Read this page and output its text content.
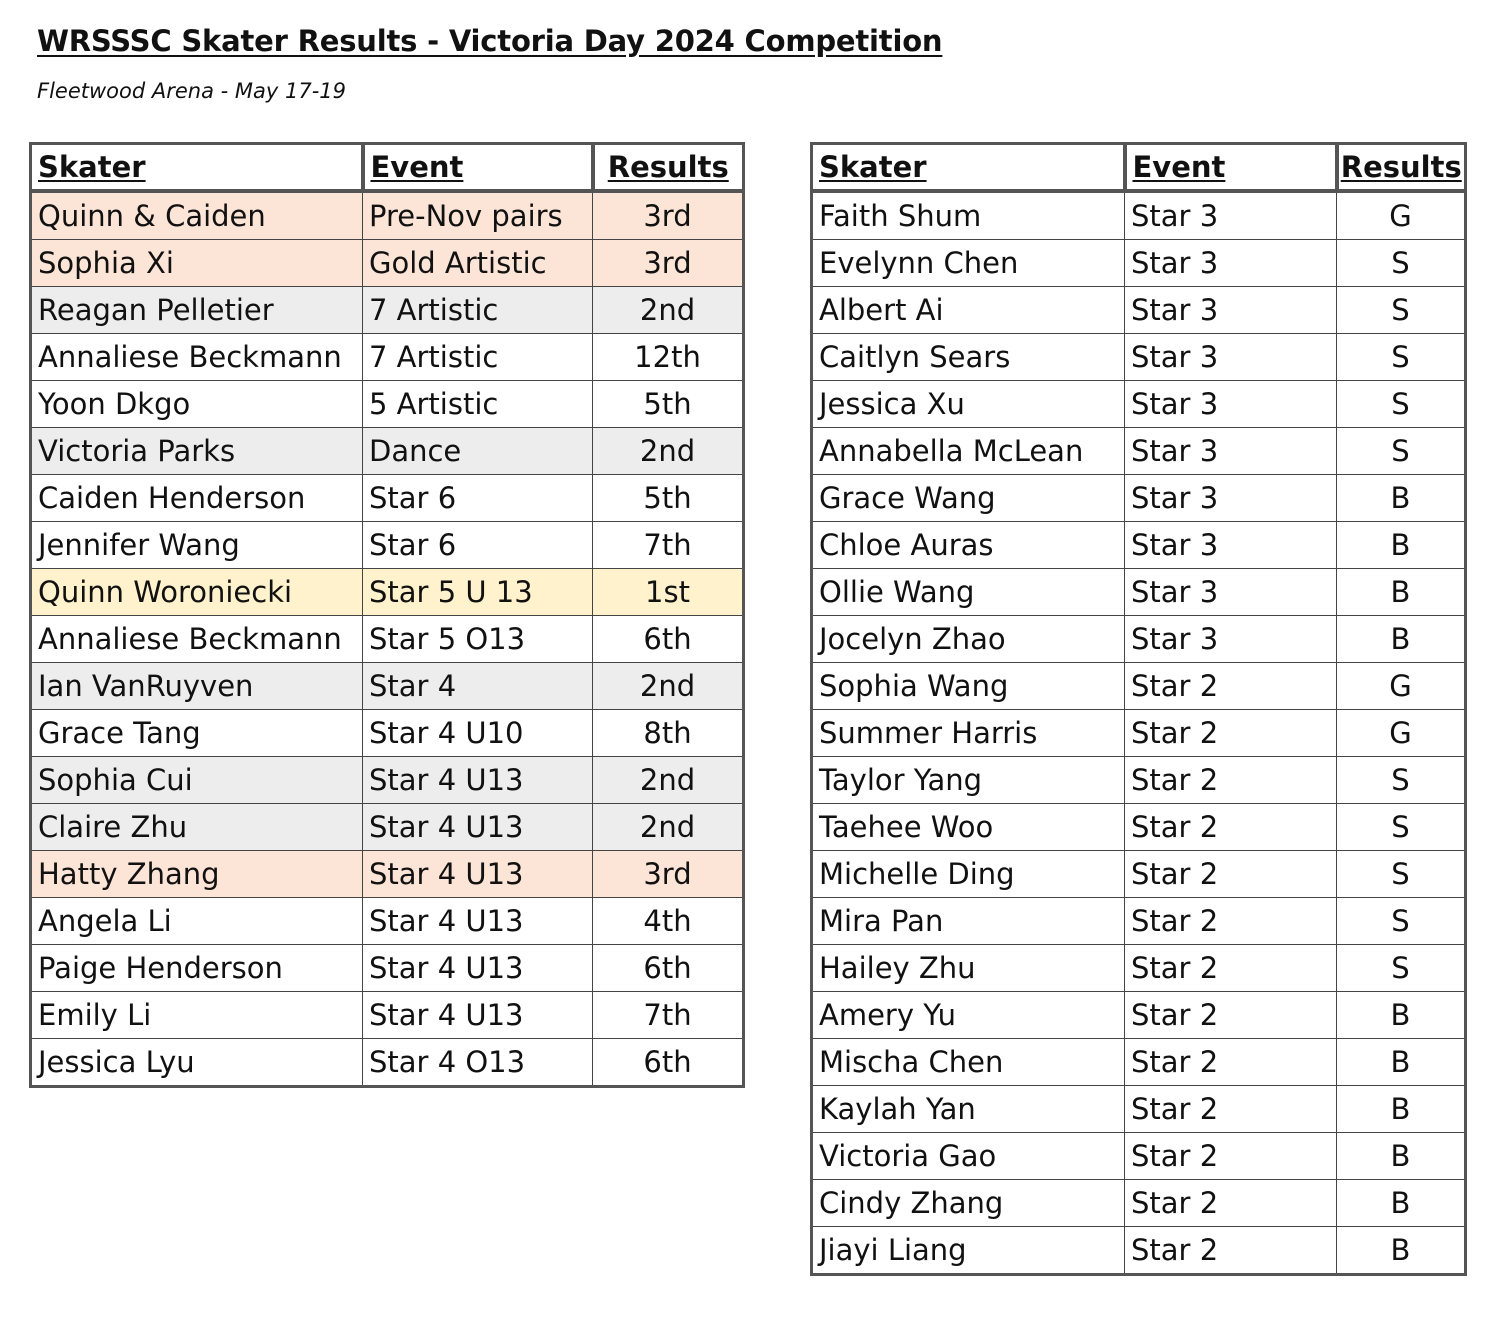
WRSSSC Skater Results - Victoria Day 2024 Competition
Fleetwood Arena - May 17-19
Skater	Event	Results
Quinn & Caiden	Pre-Nov pairs	3rd
Sophia Xi	Gold Artistic	3rd
Reagan Pelletier	7 Artistic	2nd
Annaliese Beckmann	7 Artistic	12th
Yoon Dkgo	5 Artistic	5th
Victoria Parks	Dance	2nd
Caiden Henderson	Star 6	5th
Jennifer Wang	Star 6	7th
Quinn Woroniecki	Star 5 U 13	1st
Annaliese Beckmann	Star 5 O13	6th
Ian VanRuyven	Star 4	2nd
Grace Tang	Star 4 U10	8th
Sophia Cui	Star 4 U13	2nd
Claire Zhu	Star 4 U13	2nd
Hatty Zhang	Star 4 U13	3rd
Angela Li	Star 4 U13	4th
Paige Henderson	Star 4 U13	6th
Emily Li	Star 4 U13	7th
Jessica Lyu	Star 4 O13	6th
Skater	Event	Results
Faith Shum	Star 3	G
Evelynn Chen	Star 3	S
Albert Ai	Star 3	S
Caitlyn Sears	Star 3	S
Jessica Xu	Star 3	S
Annabella McLean	Star 3	S
Grace Wang	Star 3	B
Chloe Auras	Star 3	B
Ollie Wang	Star 3	B
Jocelyn Zhao	Star 3	B
Sophia Wang	Star 2	G
Summer Harris	Star 2	G
Taylor Yang	Star 2	S
Taehee Woo	Star 2	S
Michelle Ding	Star 2	S
Mira Pan	Star 2	S
Hailey Zhu	Star 2	S
Amery Yu	Star 2	B
Mischa Chen	Star 2	B
Kaylah Yan	Star 2	B
Victoria Gao	Star 2	B
Cindy Zhang	Star 2	B
Jiayi Liang	Star 2	B
